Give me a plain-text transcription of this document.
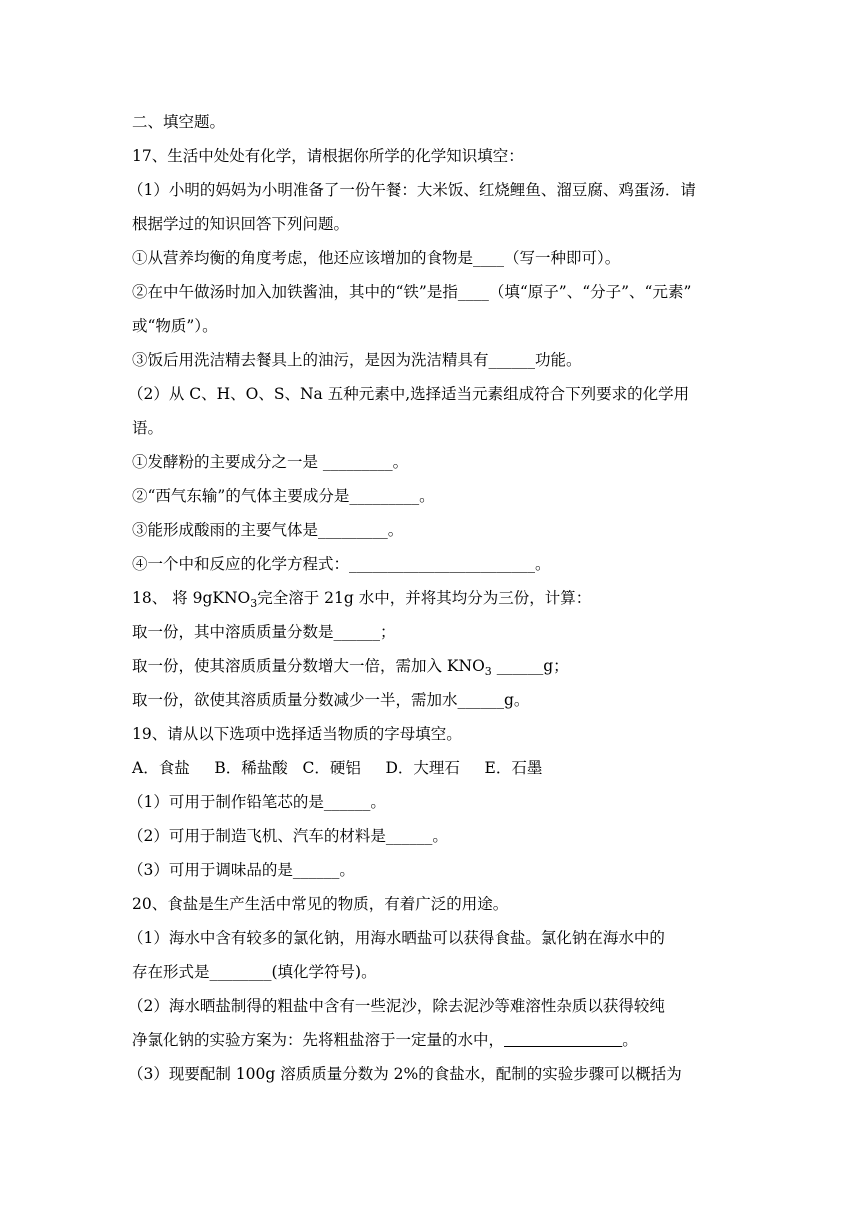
二、填空题。
17、生活中处处有化学，请根据你所学的化学知识填空：
（1）小明的妈妈为小明准备了一份午餐：大米饭、红烧鲤鱼、溜豆腐、鸡蛋汤．请
根据学过的知识回答下列问题。
①从营养均衡的角度考虑，他还应该增加的食物是____（写一种即可）。
②在中午做汤时加入加铁酱油，其中的“铁”是指____（填“原子”、“分子”、“元素”
或“物质”）。
③饭后用洗洁精去餐具上的油污，是因为洗洁精具有______功能。
（2）从 C、H、O、S、Na 五种元素中,选择适当元素组成符合下列要求的化学用
语。
①发酵粉的主要成分之一是 _________。
②“西气东输”的气体主要成分是_________。
③能形成酸雨的主要气体是_________。
④一个中和反应的化学方程式：________________________。
18、 将 9gKNO$_3$完全溶于 21g 水中，并将其均分为三份，计算：
取一份，其中溶质质量分数是______；
取一份，使其溶质质量分数增大一倍，需加入 $KNO_3$ ______g；
取一份，欲使其溶质质量分数减少一半，需加水______g。
19、请从以下选项中选择适当物质的字母填空。
A．食盐     B．稀盐酸   C．硬铝     D．大理石     E．石墨
（1）可用于制作铅笔芯的是______。
（2）可用于制造飞机、汽车的材料是______。
（3）可用于调味品的是______。
20、食盐是生产生活中常见的物质，有着广泛的用途。
（1）海水中含有较多的氯化钠，用海水晒盐可以获得食盐。氯化钠在海水中的
存在形式是________(填化学符号)。
（2）海水晒盐制得的粗盐中含有一些泥沙，除去泥沙等难溶性杂质以获得较纯
净氯化钠的实验方案为：先将粗盐溶于一定量的水中，	。
（3）现要配制 100g 溶质质量分数为 2%的食盐水，配制的实验步骤可以概括为
